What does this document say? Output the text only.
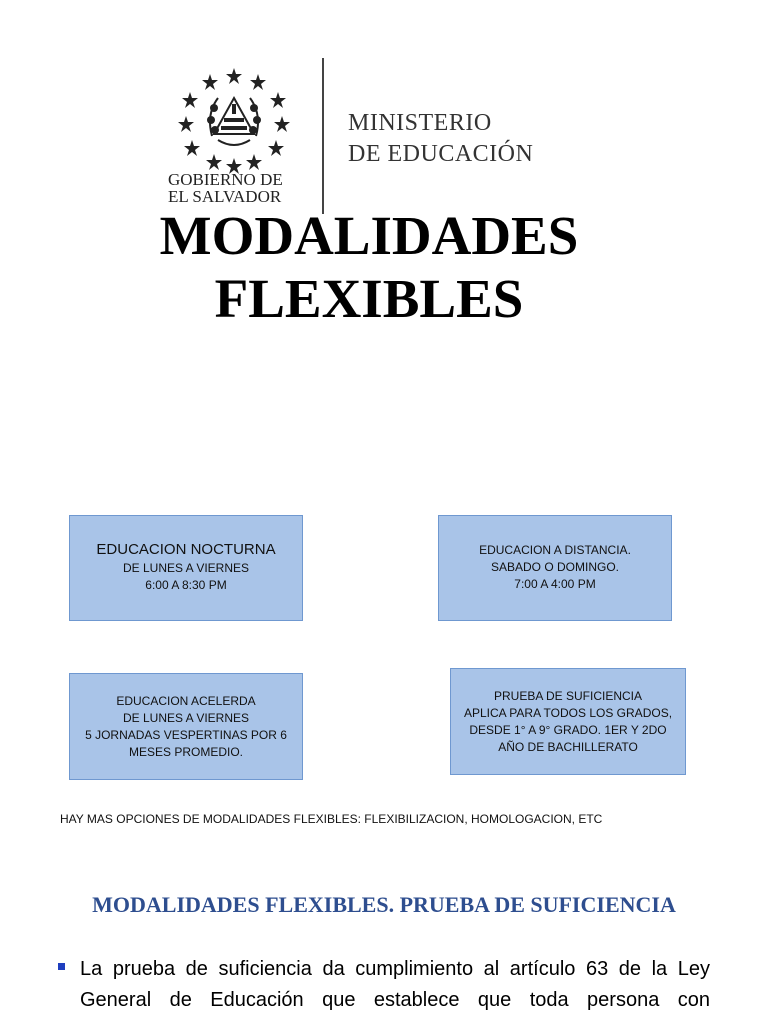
GOBIERNO DE
EL SALVADOR
MINISTERIO
DE EDUCACIÓN
MODALIDADES
FLEXIBLES
EDUCACION NOCTURNA
DE LUNES A VIERNES
6:00 A 8:30 PM
EDUCACION A DISTANCIA.
SABADO O DOMINGO.
7:00 A 4:00 PM
EDUCACION ACELERDA
DE LUNES A VIERNES
5 JORNADAS VESPERTINAS POR 6
MESES PROMEDIO.
PRUEBA DE SUFICIENCIA
APLICA PARA TODOS LOS GRADOS,
DESDE 1° A 9° GRADO. 1ER Y 2DO
AÑO DE BACHILLERATO
HAY MAS OPCIONES DE MODALIDADES FLEXIBLES: FLEXIBILIZACION, HOMOLOGACION, ETC
MODALIDADES FLEXIBLES. PRUEBA DE SUFICIENCIA
La prueba de suficiencia da cumplimiento al artículo 63 de la Ley
General de Educación que establece que toda persona con
